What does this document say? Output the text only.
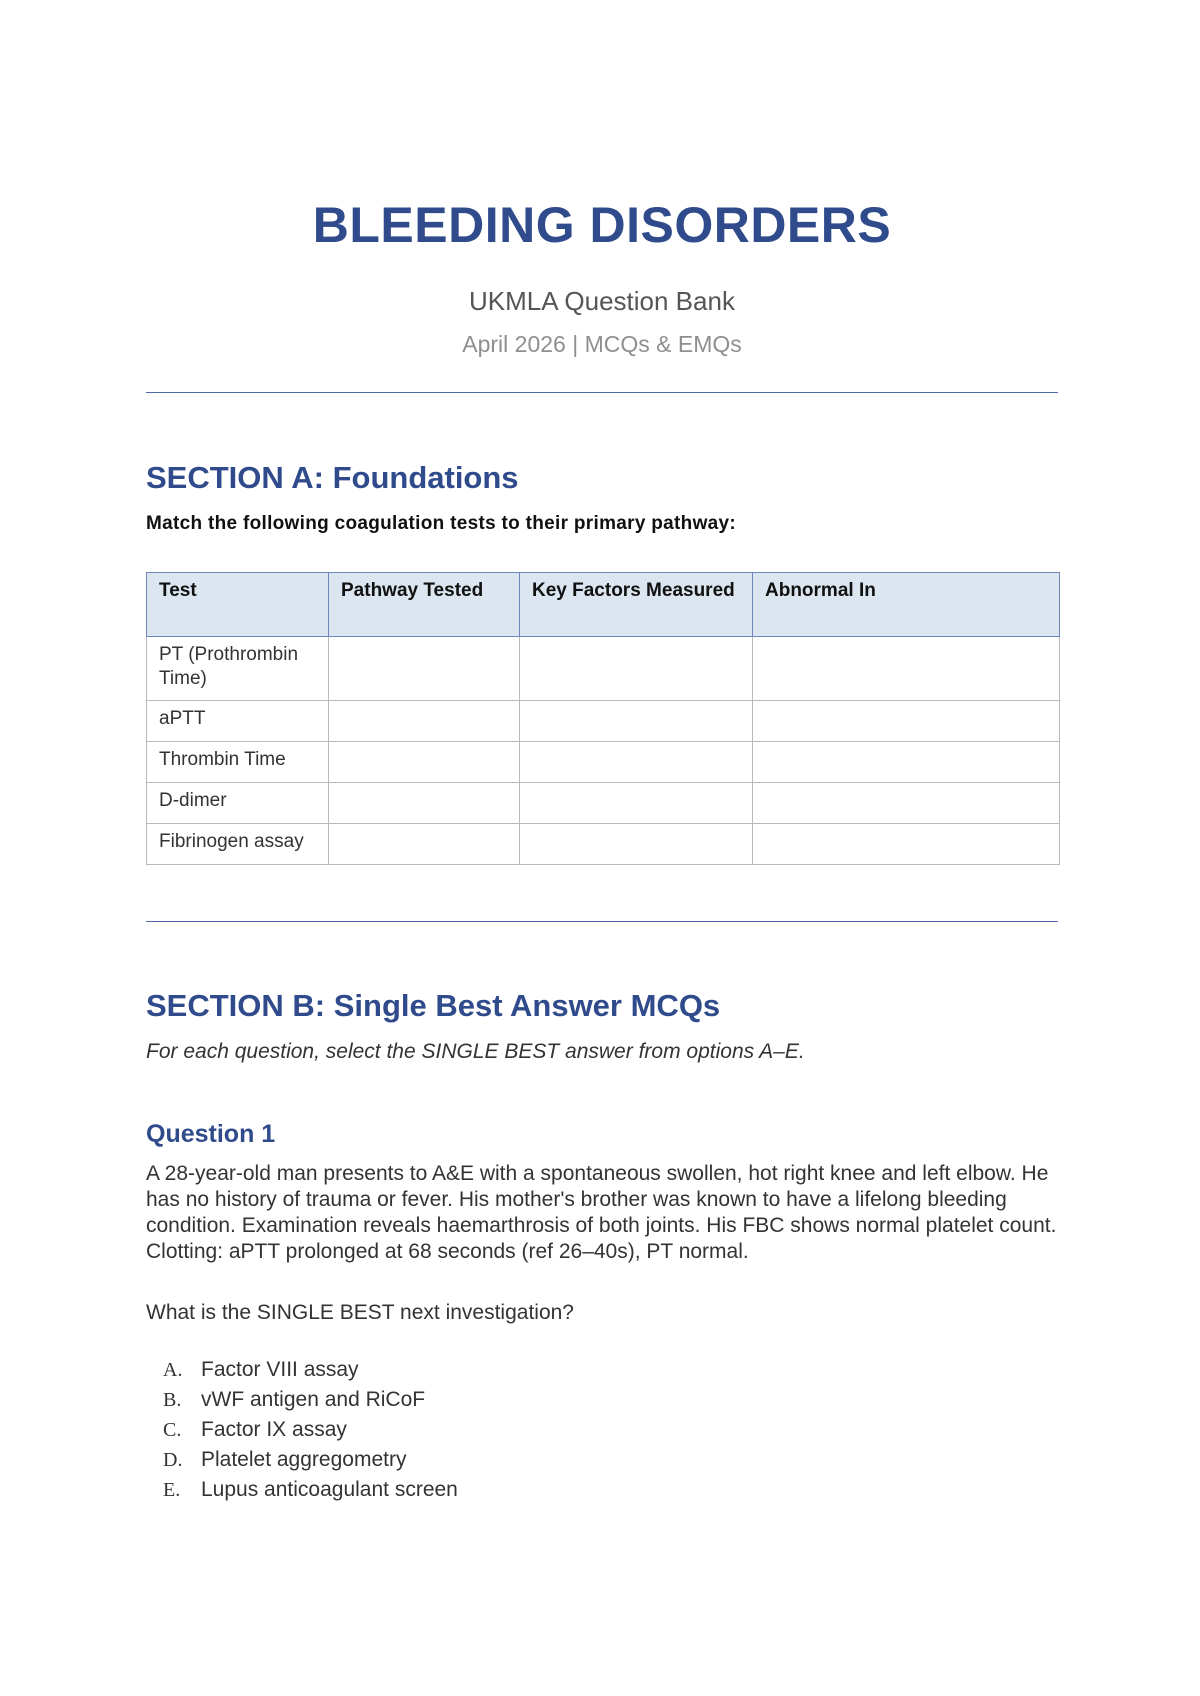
BLEEDING DISORDERS
UKMLA Question Bank
April 2026 | MCQs & EMQs
SECTION A: Foundations
Match the following coagulation tests to their primary pathway:
Test	Pathway Tested	Key Factors Measured	Abnormal In
PT (Prothrombin Time)			
aPTT			
Thrombin Time			
D-dimer			
Fibrinogen assay			
SECTION B: Single Best Answer MCQs
For each question, select the SINGLE BEST answer from options A–E.
Question 1

A 28-year-old man presents to A&E with a spontaneous swollen, hot right knee and left elbow. He has no history of trauma or fever. His mother's brother was known to have a lifelong bleeding condition. Examination reveals haemarthrosis of both joints. His FBC shows normal platelet count. Clotting: aPTT prolonged at 68 seconds (ref 26–40s), PT normal.

What is the SINGLE BEST next investigation?
A. Factor VIII assay
B. vWF antigen and RiCoF
C. Factor IX assay
D. Platelet aggregometry
E. Lupus anticoagulant screen
